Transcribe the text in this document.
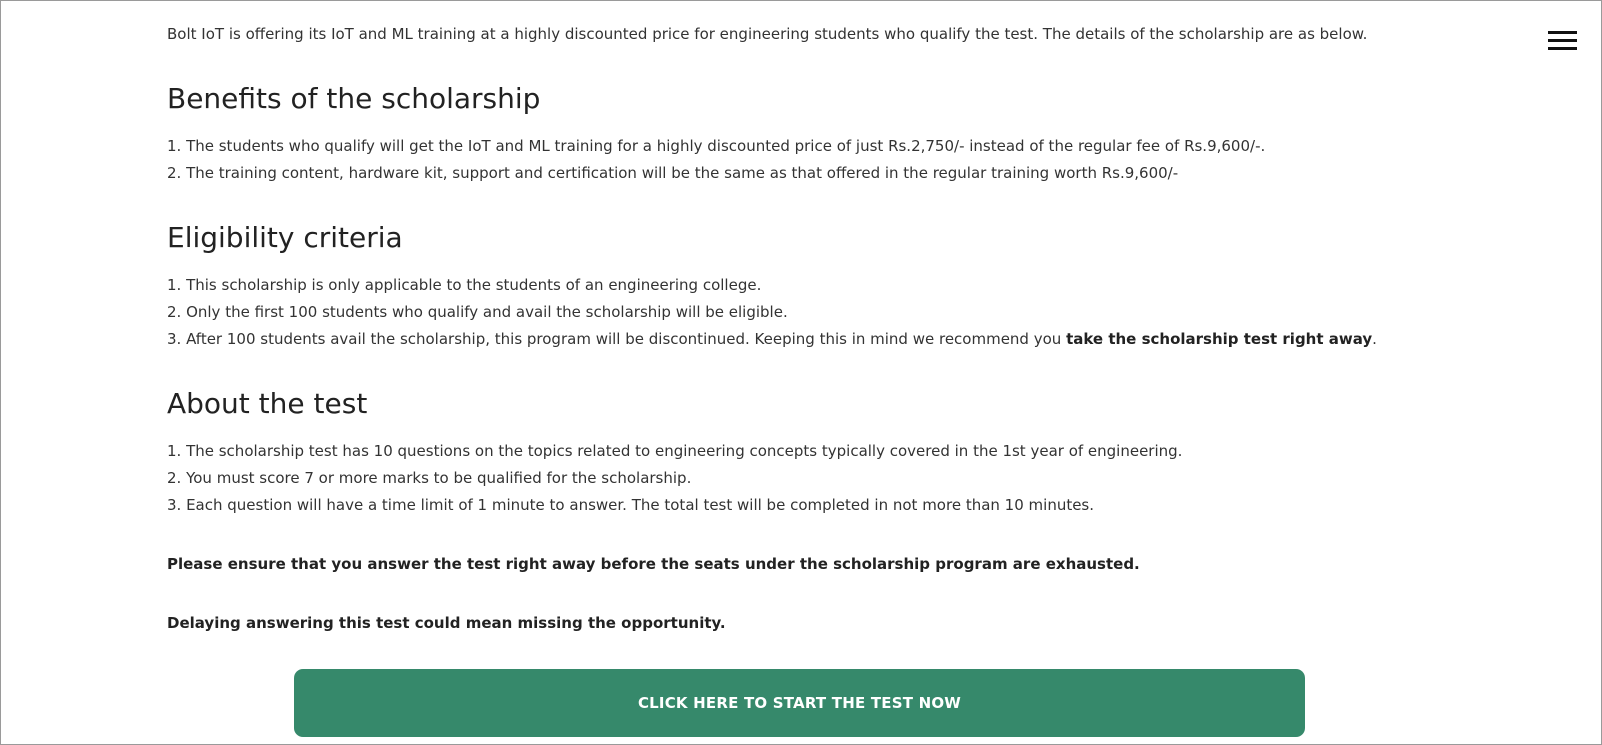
Bolt IoT is offering its IoT and ML training at a highly discounted price for engineering students who qualify the test. The details of the scholarship are as below.
Benefits of the scholarship
1. The students who qualify will get the IoT and ML training for a highly discounted price of just Rs.2,750/- instead of the regular fee of Rs.9,600/-.
2. The training content, hardware kit, support and certification will be the same as that offered in the regular training worth Rs.9,600/-
Eligibility criteria
1. This scholarship is only applicable to the students of an engineering college.
2. Only the first 100 students who qualify and avail the scholarship will be eligible.
3. After 100 students avail the scholarship, this program will be discontinued. Keeping this in mind we recommend you take the scholarship test right away.
About the test
1. The scholarship test has 10 questions on the topics related to engineering concepts typically covered in the 1st year of engineering.
2. You must score 7 or more marks to be qualified for the scholarship.
3. Each question will have a time limit of 1 minute to answer. The total test will be completed in not more than 10 minutes.

Please ensure that you answer the test right away before the seats under the scholarship program are exhausted.

Delaying answering this test could mean missing the opportunity.

CLICK HERE TO START THE TEST NOW
